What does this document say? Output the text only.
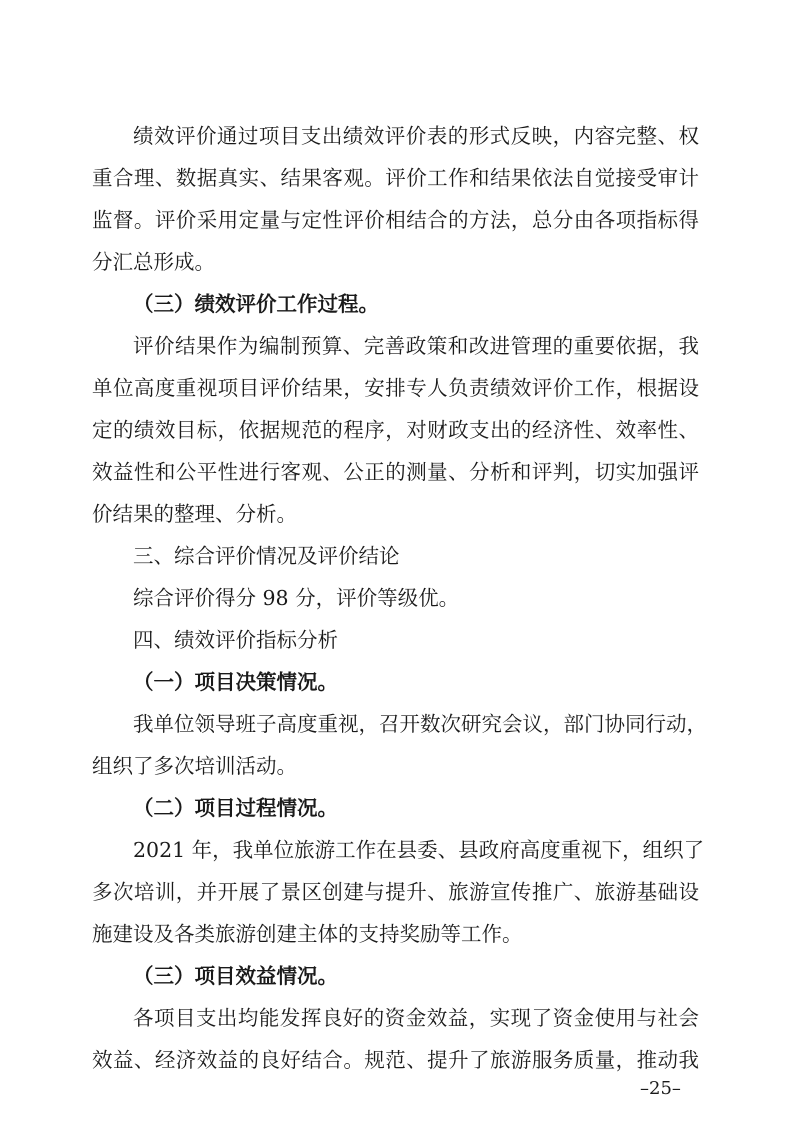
绩效评价通过项目支出绩效评价表的形式反映，内容完整、权
重合理、数据真实、结果客观。评价工作和结果依法自觉接受审计
监督。评价采用定量与定性评价相结合的方法，总分由各项指标得
分汇总形成。
（三）绩效评价工作过程。
评价结果作为编制预算、完善政策和改进管理的重要依据，我
单位高度重视项目评价结果，安排专人负责绩效评价工作，根据设
定的绩效目标，依据规范的程序，对财政支出的经济性、效率性、
效益性和公平性进行客观、公正的测量、分析和评判，切实加强评
价结果的整理、分析。
三、综合评价情况及评价结论
综合评价得分 98 分，评价等级优。
四、绩效评价指标分析
（一）项目决策情况。
我单位领导班子高度重视，召开数次研究会议，部门协同行动，
组织了多次培训活动。
（二）项目过程情况。
2021 年，我单位旅游工作在县委、县政府高度重视下，组织了
多次培训，并开展了景区创建与提升、旅游宣传推广、旅游基础设
施建设及各类旅游创建主体的支持奖励等工作。
（三）项目效益情况。
各项目支出均能发挥良好的资金效益，实现了资金使用与社会
效益、经济效益的良好结合。规范、提升了旅游服务质量，推动我
–25–
